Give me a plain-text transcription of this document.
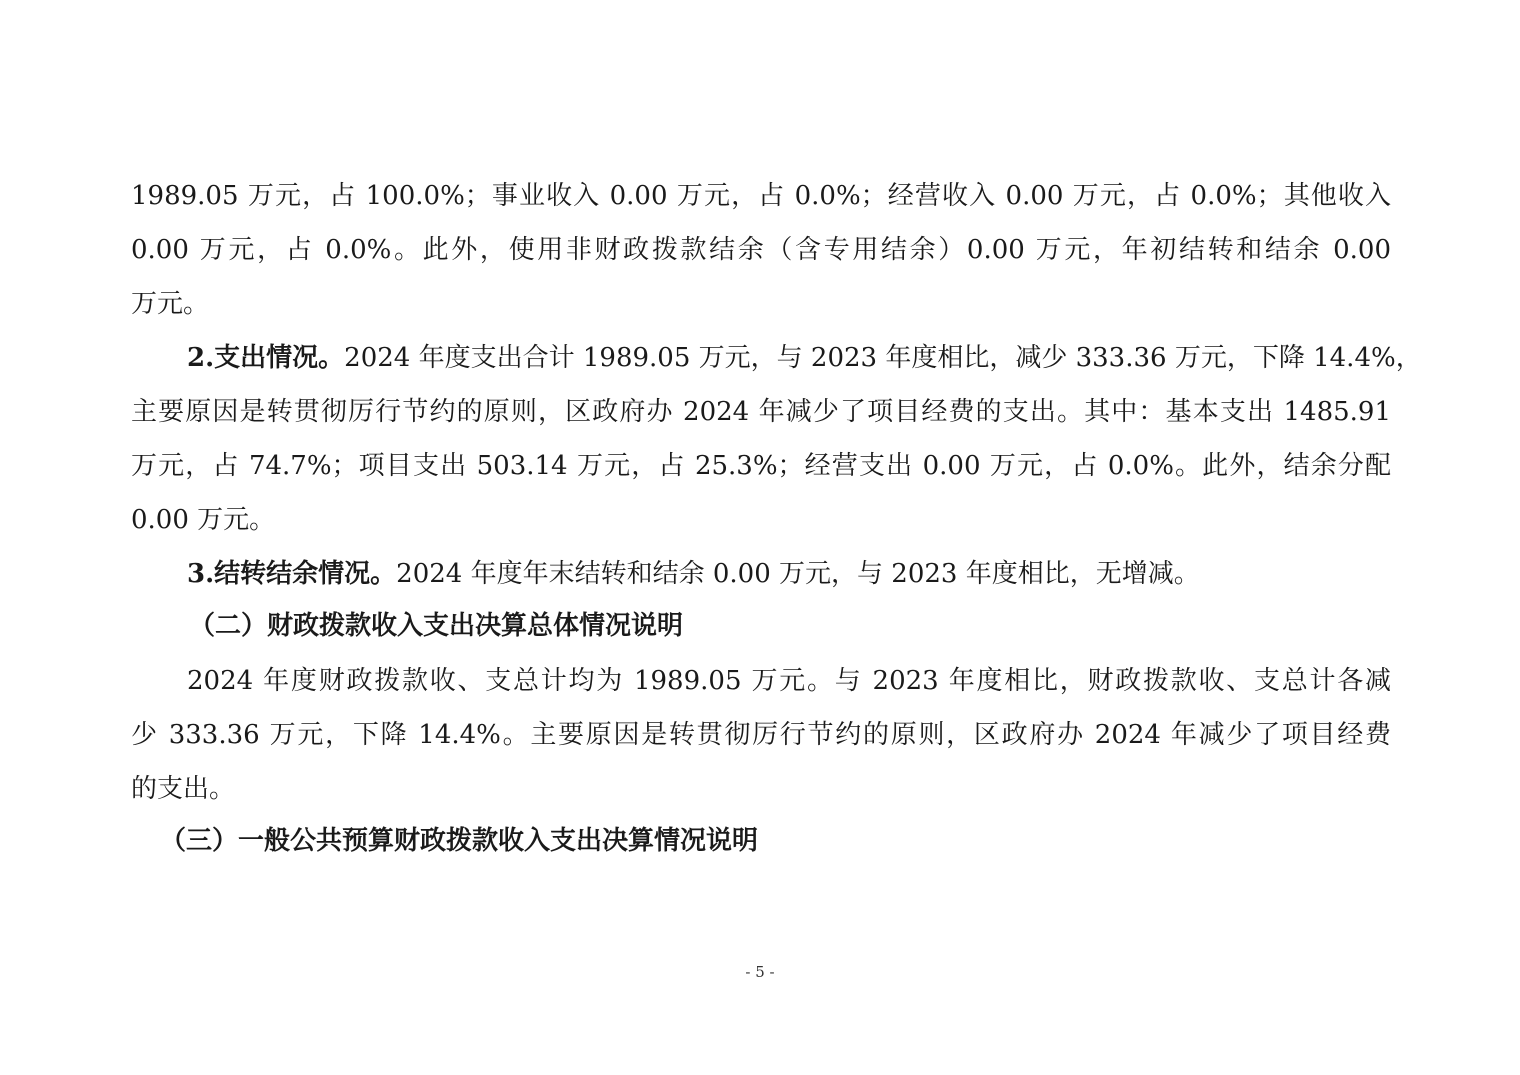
1989.05 万元，占 100.0%；事业收入 0.00 万元，占 0.0%；经营收入 0.00 万元，占 0.0%；其他收入
0.00 万元，占 0.0%。此外，使用非财政拨款结余（含专用结余）0.00 万元，年初结转和结余 0.00
万元。
2.支出情况。2024 年度支出合计 1989.05 万元，与 2023 年度相比，减少 333.36 万元，下降 14.4%，
主要原因是转贯彻厉行节约的原则，区政府办 2024 年减少了项目经费的支出。其中：基本支出 1485.91
万元，占 74.7%；项目支出 503.14 万元，占 25.3%；经营支出 0.00 万元，占 0.0%。此外，结余分配
0.00 万元。
3.结转结余情况。2024 年度年末结转和结余 0.00 万元，与 2023 年度相比，无增减。
（二）财政拨款收入支出决算总体情况说明
2024 年度财政拨款收、支总计均为 1989.05 万元。与 2023 年度相比，财政拨款收、支总计各减
少 333.36 万元，下降 14.4%。主要原因是转贯彻厉行节约的原则，区政府办 2024 年减少了项目经费
的支出。
（三）一般公共预算财政拨款收入支出决算情况说明
- 5 -
